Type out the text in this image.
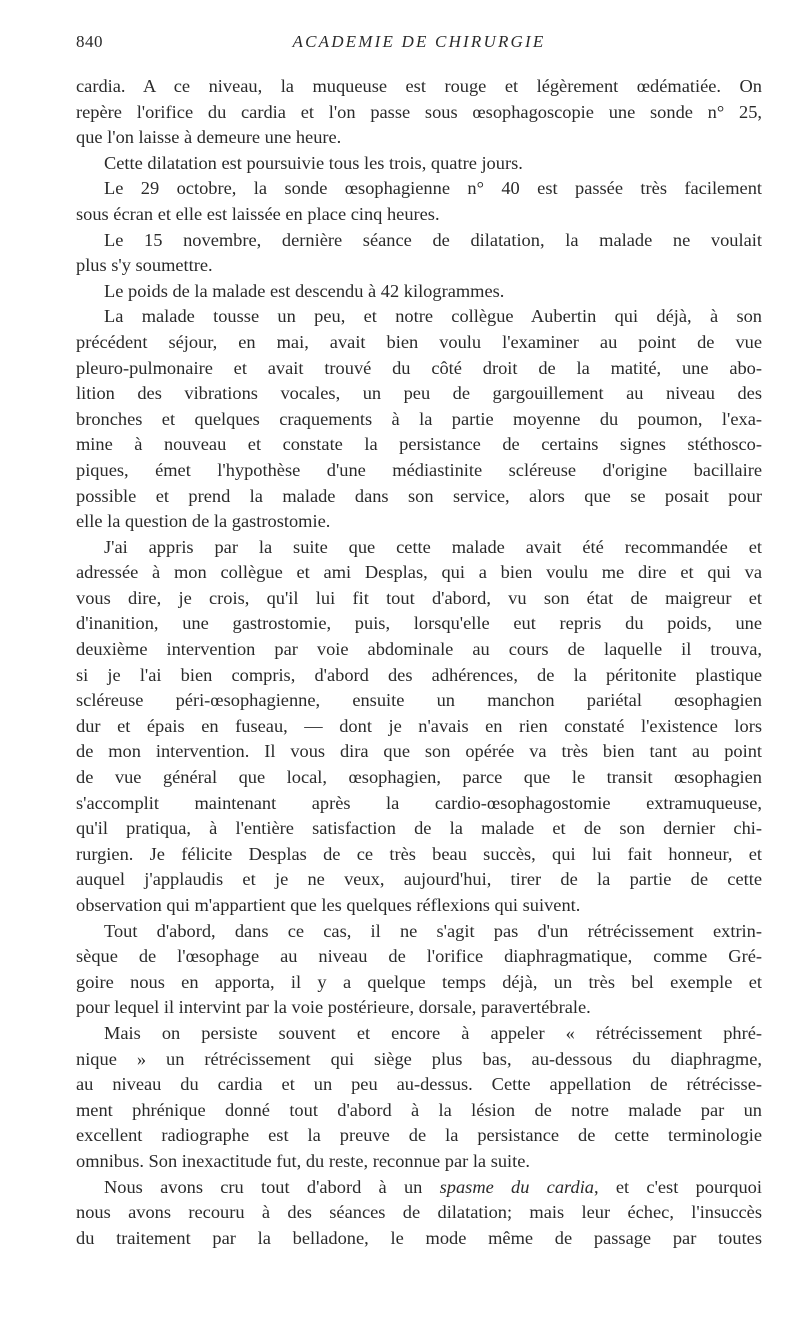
840	ACADEMIE DE CHIRURGIE
cardia. A ce niveau, la muqueuse est rouge et légèrement œdématiée. On
repère l'orifice du cardia et l'on passe sous œsophagoscopie une sonde n° 25,
que l'on laisse à demeure une heure.
Cette dilatation est poursuivie tous les trois, quatre jours.
Le 29 octobre, la sonde œsophagienne n° 40 est passée très facilement
sous écran et elle est laissée en place cinq heures.
Le 15 novembre, dernière séance de dilatation, la malade ne voulait
plus s'y soumettre.
Le poids de la malade est descendu à 42 kilogrammes.
La malade tousse un peu, et notre collègue Aubertin qui déjà, à son
précédent séjour, en mai, avait bien voulu l'examiner au point de vue
pleuro-pulmonaire et avait trouvé du côté droit de la matité, une abo-
lition des vibrations vocales, un peu de gargouillement au niveau des
bronches et quelques craquements à la partie moyenne du poumon, l'exa-
mine à nouveau et constate la persistance de certains signes stéthosco-
piques, émet l'hypothèse d'une médiastinite scléreuse d'origine bacillaire
possible et prend la malade dans son service, alors que se posait pour
elle la question de la gastrostomie.
J'ai appris par la suite que cette malade avait été recommandée et
adressée à mon collègue et ami Desplas, qui a bien voulu me dire et qui va
vous dire, je crois, qu'il lui fit tout d'abord, vu son état de maigreur et
d'inanition, une gastrostomie, puis, lorsqu'elle eut repris du poids, une
deuxième intervention par voie abdominale au cours de laquelle il trouva,
si je l'ai bien compris, d'abord des adhérences, de la péritonite plastique
scléreuse péri-œsophagienne, ensuite un manchon pariétal œsophagien
dur et épais en fuseau, — dont je n'avais en rien constaté l'existence lors
de mon intervention. Il vous dira que son opérée va très bien tant au point
de vue général que local, œsophagien, parce que le transit œsophagien
s'accomplit maintenant après la cardio-œsophagostomie extramuqueuse,
qu'il pratiqua, à l'entière satisfaction de la malade et de son dernier chi-
rurgien. Je félicite Desplas de ce très beau succès, qui lui fait honneur, et
auquel j'applaudis et je ne veux, aujourd'hui, tirer de la partie de cette
observation qui m'appartient que les quelques réflexions qui suivent.
Tout d'abord, dans ce cas, il ne s'agit pas d'un rétrécissement extrin-
sèque de l'œsophage au niveau de l'orifice diaphragmatique, comme Gré-
goire nous en apporta, il y a quelque temps déjà, un très bel exemple et
pour lequel il intervint par la voie postérieure, dorsale, paravertébrale.
Mais on persiste souvent et encore à appeler « rétrécissement phré-
nique » un rétrécissement qui siège plus bas, au-dessous du diaphragme,
au niveau du cardia et un peu au-dessus. Cette appellation de rétrécisse-
ment phrénique donné tout d'abord à la lésion de notre malade par un
excellent radiographe est la preuve de la persistance de cette terminologie
omnibus. Son inexactitude fut, du reste, reconnue par la suite.
Nous avons cru tout d'abord à un spasme du cardia, et c'est pourquoi
nous avons recouru à des séances de dilatation; mais leur échec, l'insuccès
du traitement par la belladone, le mode même de passage par toutes
